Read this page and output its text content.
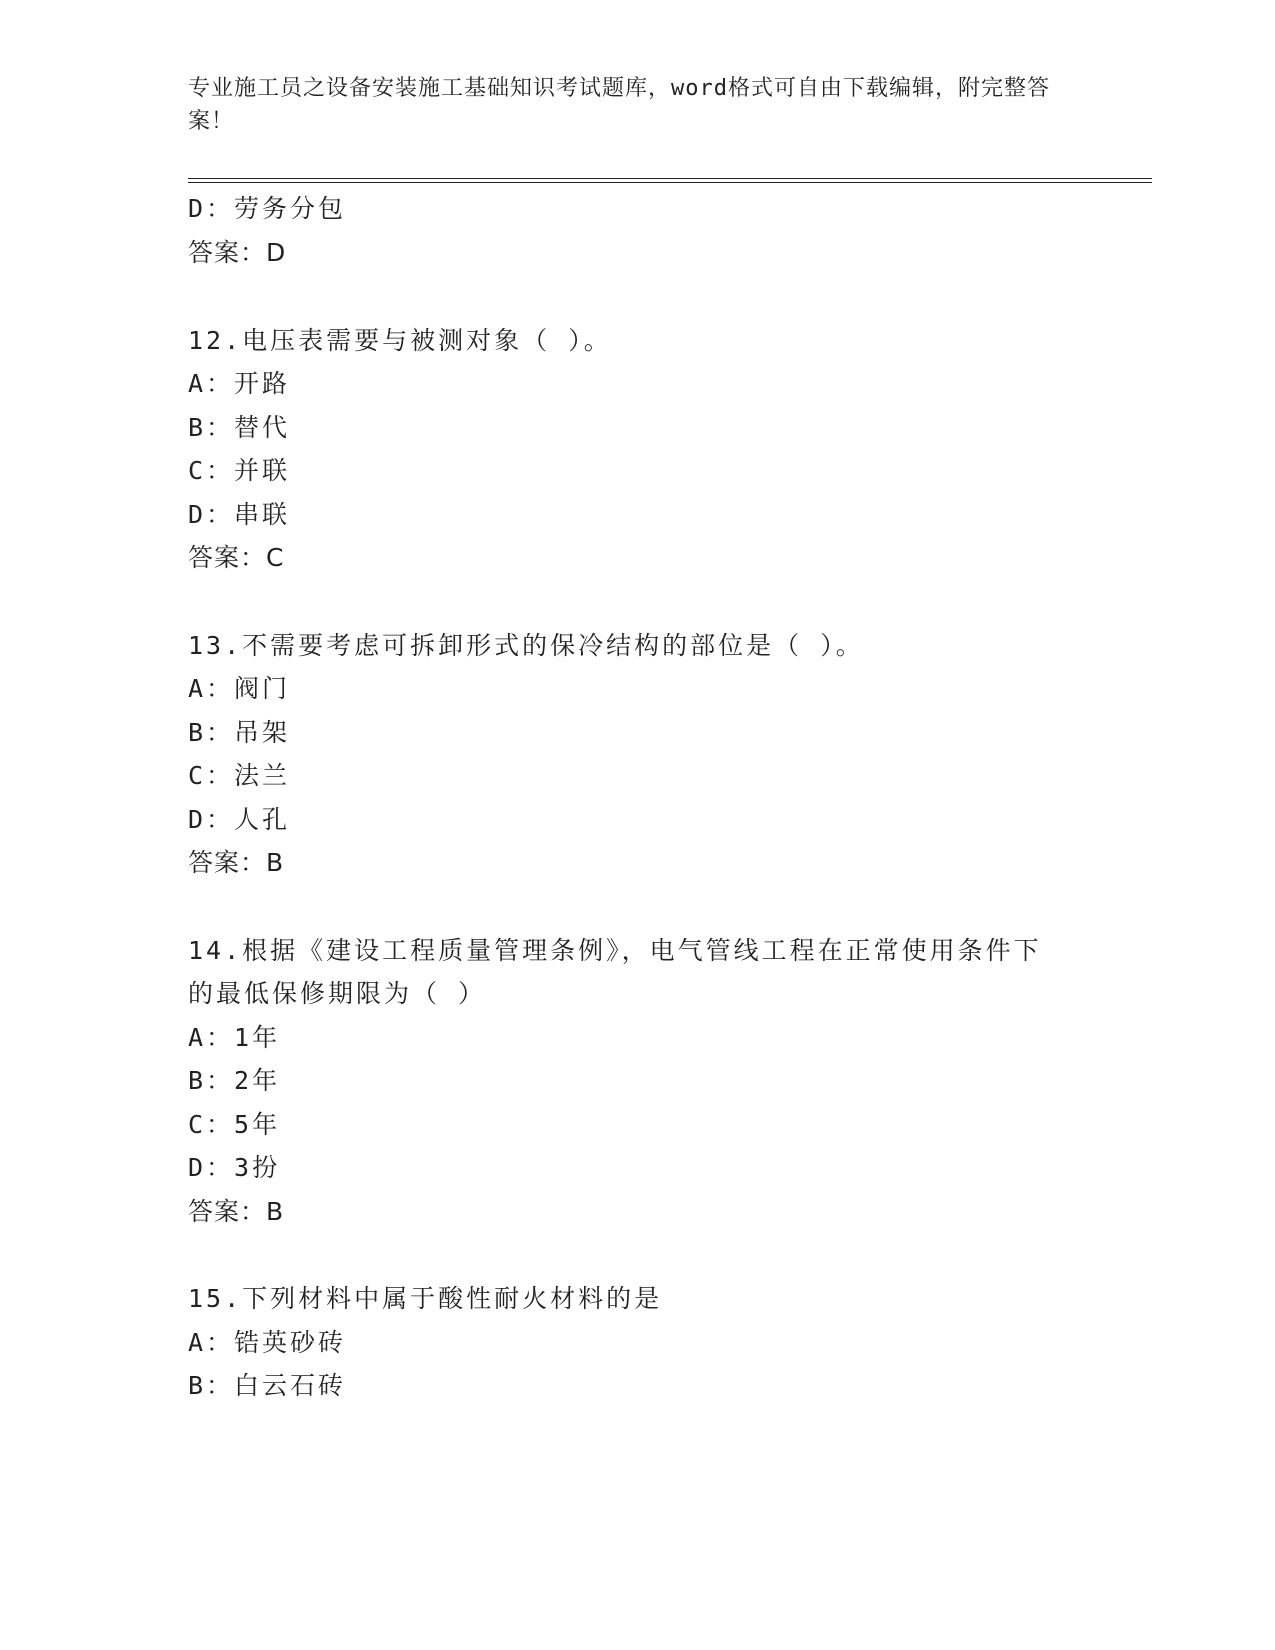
专业施工员之设备安装施工基础知识考试题库，word格式可自由下载编辑，附完整答案！
D：劳务分包
答案：D
12.电压表需要与被测对象（ ）。
A：开路
B：替代
C：并联
D：串联
答案：C
13.不需要考虑可拆卸形式的保冷结构的部位是（ ）。
A：阀门
B：吊架
C：法兰
D：人孔
答案：B
14.根据《建设工程质量管理条例》，电气管线工程在正常使用条件下
的最低保修期限为（ ）
A：1年
B：2年
C：5年
D：3扮
答案：B
15.下列材料中属于酸性耐火材料的是
A：锆英砂砖
B：白云石砖
